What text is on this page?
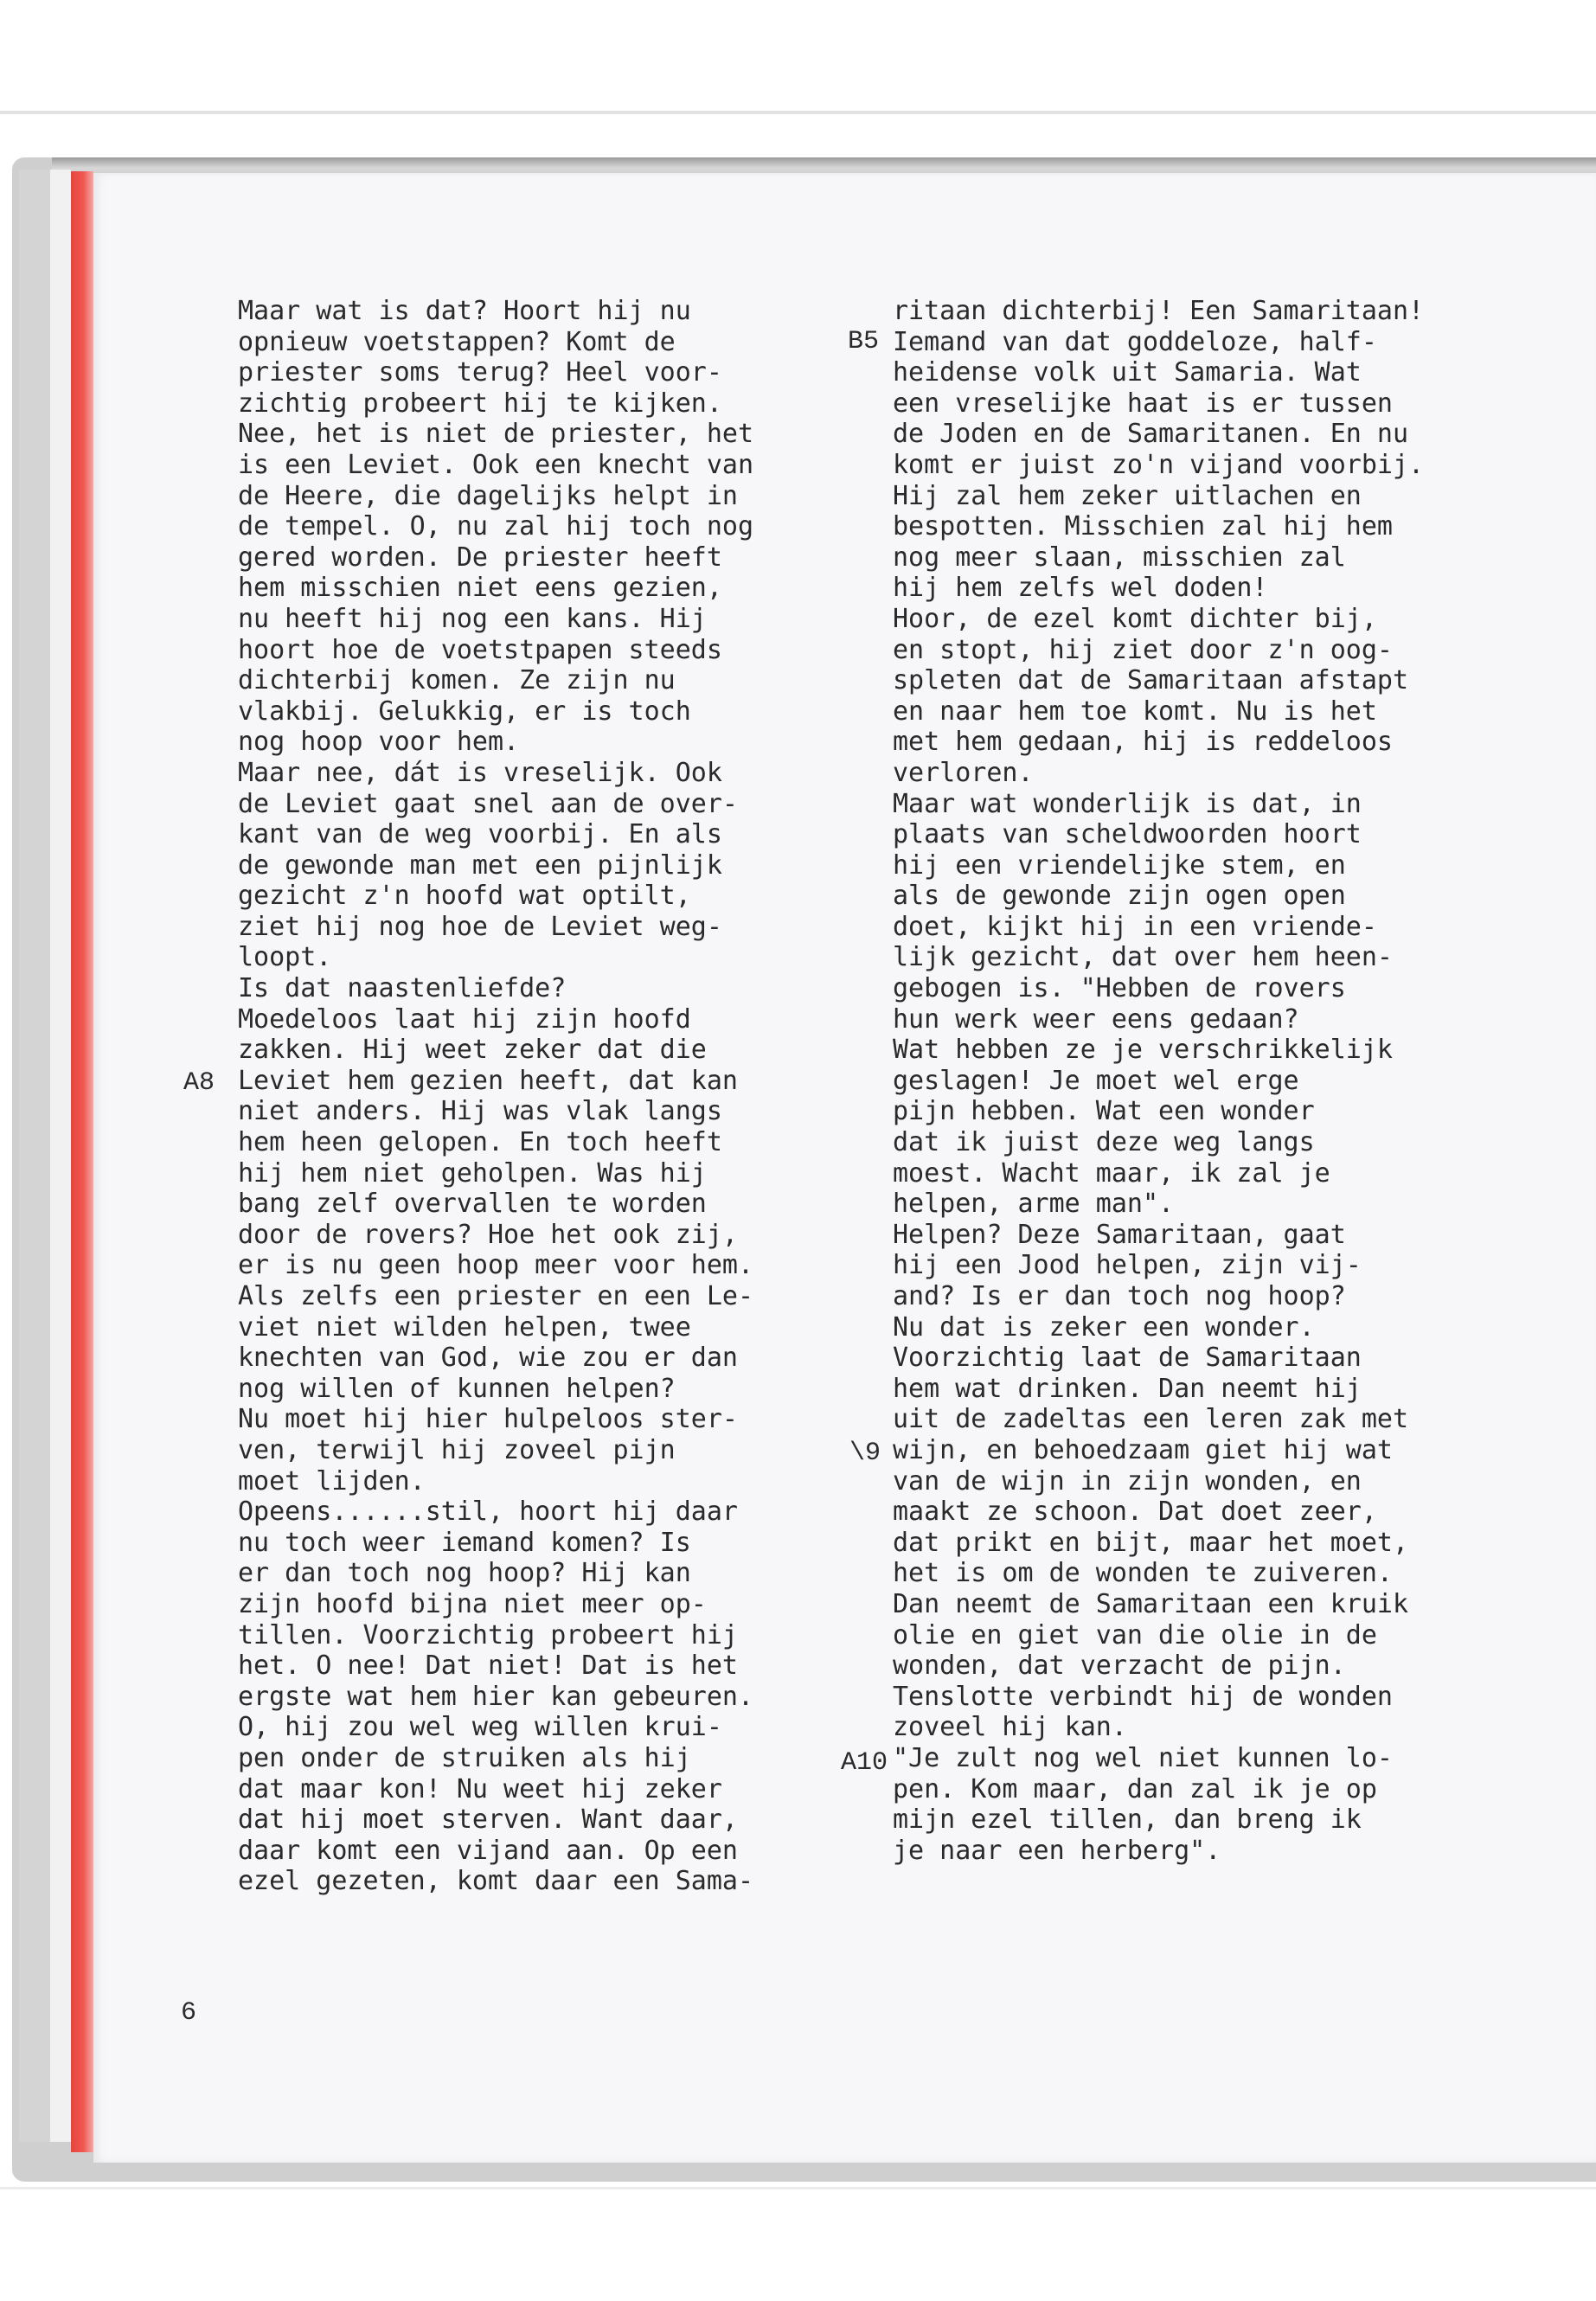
Maar wat is dat? Hoort hij nu
opnieuw voetstappen? Komt de
priester soms terug? Heel voor-
zichtig probeert hij te kijken.
Nee, het is niet de priester, het
is een Leviet. Ook een knecht van
de Heere, die dagelijks helpt in
de tempel. O, nu zal hij toch nog
gered worden. De priester heeft
hem misschien niet eens gezien,
nu heeft hij nog een kans. Hij
hoort hoe de voetstpapen steeds
dichterbij komen. Ze zijn nu
vlakbij. Gelukkig, er is toch
nog hoop voor hem.
Maar nee, dát is vreselijk. Ook
de Leviet gaat snel aan de over-
kant van de weg voorbij. En als
de gewonde man met een pijnlijk
gezicht z'n hoofd wat optilt,
ziet hij nog hoe de Leviet weg-
loopt.
Is dat naastenliefde?
Moedeloos laat hij zijn hoofd
zakken. Hij weet zeker dat die
Leviet hem gezien heeft, dat kan
niet anders. Hij was vlak langs
hem heen gelopen. En toch heeft
hij hem niet geholpen. Was hij
bang zelf overvallen te worden
door de rovers? Hoe het ook zij,
er is nu geen hoop meer voor hem.
Als zelfs een priester en een Le-
viet niet wilden helpen, twee
knechten van God, wie zou er dan
nog willen of kunnen helpen?
Nu moet hij hier hulpeloos ster-
ven, terwijl hij zoveel pijn
moet lijden.
Opeens......stil, hoort hij daar
nu toch weer iemand komen? Is
er dan toch nog hoop? Hij kan
zijn hoofd bijna niet meer op-
tillen. Voorzichtig probeert hij
het. O nee! Dat niet! Dat is het
ergste wat hem hier kan gebeuren.
O, hij zou wel weg willen krui-
pen onder de struiken als hij
dat maar kon! Nu weet hij zeker
dat hij moet sterven. Want daar,
daar komt een vijand aan. Op een
ezel gezeten, komt daar een Sama-
ritaan dichterbij! Een Samaritaan!
Iemand van dat goddeloze, half-
heidense volk uit Samaria. Wat
een vreselijke haat is er tussen
de Joden en de Samaritanen. En nu
komt er juist zo'n vijand voorbij.
Hij zal hem zeker uitlachen en
bespotten. Misschien zal hij hem
nog meer slaan, misschien zal
hij hem zelfs wel doden!
Hoor, de ezel komt dichter bij,
en stopt, hij ziet door z'n oog-
spleten dat de Samaritaan afstapt
en naar hem toe komt. Nu is het
met hem gedaan, hij is reddeloos
verloren.
Maar wat wonderlijk is dat, in
plaats van scheldwoorden hoort
hij een vriendelijke stem, en
als de gewonde zijn ogen open
doet, kijkt hij in een vriende-
lijk gezicht, dat over hem heen-
gebogen is. "Hebben de rovers
hun werk weer eens gedaan?
Wat hebben ze je verschrikkelijk
geslagen! Je moet wel erge
pijn hebben. Wat een wonder
dat ik juist deze weg langs
moest. Wacht maar, ik zal je
helpen, arme man".
Helpen? Deze Samaritaan, gaat
hij een Jood helpen, zijn vij-
and? Is er dan toch nog hoop?
Nu dat is zeker een wonder.
Voorzichtig laat de Samaritaan
hem wat drinken. Dan neemt hij
uit de zadeltas een leren zak met
wijn, en behoedzaam giet hij wat
van de wijn in zijn wonden, en
maakt ze schoon. Dat doet zeer,
dat prikt en bijt, maar het moet,
het is om de wonden te zuiveren.
Dan neemt de Samaritaan een kruik
olie en giet van die olie in de
wonden, dat verzacht de pijn.
Tenslotte verbindt hij de wonden
zoveel hij kan.
"Je zult nog wel niet kunnen lo-
pen. Kom maar, dan zal ik je op
mijn ezel tillen, dan breng ik
je naar een herberg".
A8
B5
\9
A10
6
